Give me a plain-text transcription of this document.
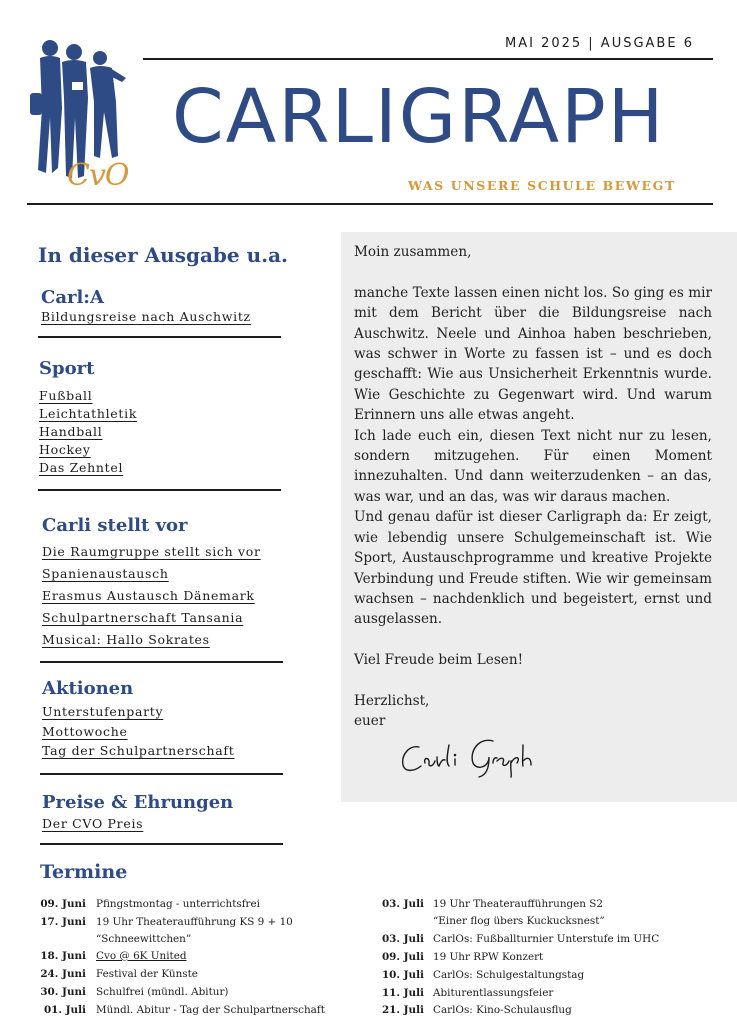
MAI 2025 | AUSGABE 6
CvO
CARLIGRAPH
WAS UNSERE SCHULE BEWEGT
In dieser Ausgabe u.a.
Carl:A
Bildungsreise nach Auschwitz
Sport
Fußball
Leichtathletik
Handball
Hockey
Das Zehntel
Carli stellt vor
Die Raumgruppe stellt sich vor
Spanienaustausch
Erasmus Austausch Dänemark
Schulpartnerschaft Tansania
Musical: Hallo Sokrates
Aktionen
Unterstufenparty
Mottowoche
Tag der Schulpartnerschaft
Preise & Ehrungen
Der CVO Preis
Moin zusammen,
manche Texte lassen einen nicht los. So ging es mir
mit dem Bericht über die Bildungsreise nach
Auschwitz. Neele und Ainhoa haben beschrieben,
was schwer in Worte zu fassen ist – und es doch
geschafft: Wie aus Unsicherheit Erkenntnis wurde.
Wie Geschichte zu Gegenwart wird. Und warum
Erinnern uns alle etwas angeht.
Ich lade euch ein, diesen Text nicht nur zu lesen,
sondern mitzugehen. Für einen Moment
innezuhalten. Und dann weiterzudenken – an das,
was war, und an das, was wir daraus machen.
Und genau dafür ist dieser Carligraph da: Er zeigt,
wie lebendig unsere Schulgemeinschaft ist. Wie
Sport, Austauschprogramme und kreative Projekte
Verbindung und Freude stiften. Wie wir gemeinsam
wachsen – nachdenklich und begeistert, ernst und
ausgelassen.
Viel Freude beim Lesen!
Herzlichst,
euer
Termine
09. Juni Pfingstmontag - unterrichtsfrei
17. Juni 19 Uhr Theateraufführung KS 9 + 10
“Schneewittchen”
18. Juni Cvo @ 6K United
24. Juni Festival der Künste
30. Juni Schulfrei (mündl. Abitur)
01. Juli Mündl. Abitur - Tag der Schulpartnerschaft
03. Juli 19 Uhr Theateraufführungen S2
“Einer flog übers Kuckucksnest”
03. Juli CarlOs: Fußballturnier Unterstufe im UHC
09. Juli 19 Uhr RPW Konzert
10. Juli CarlOs: Schulgestaltungstag
11. Juli Abiturentlassungsfeier
21. Juli CarlOs: Kino-Schulausflug
